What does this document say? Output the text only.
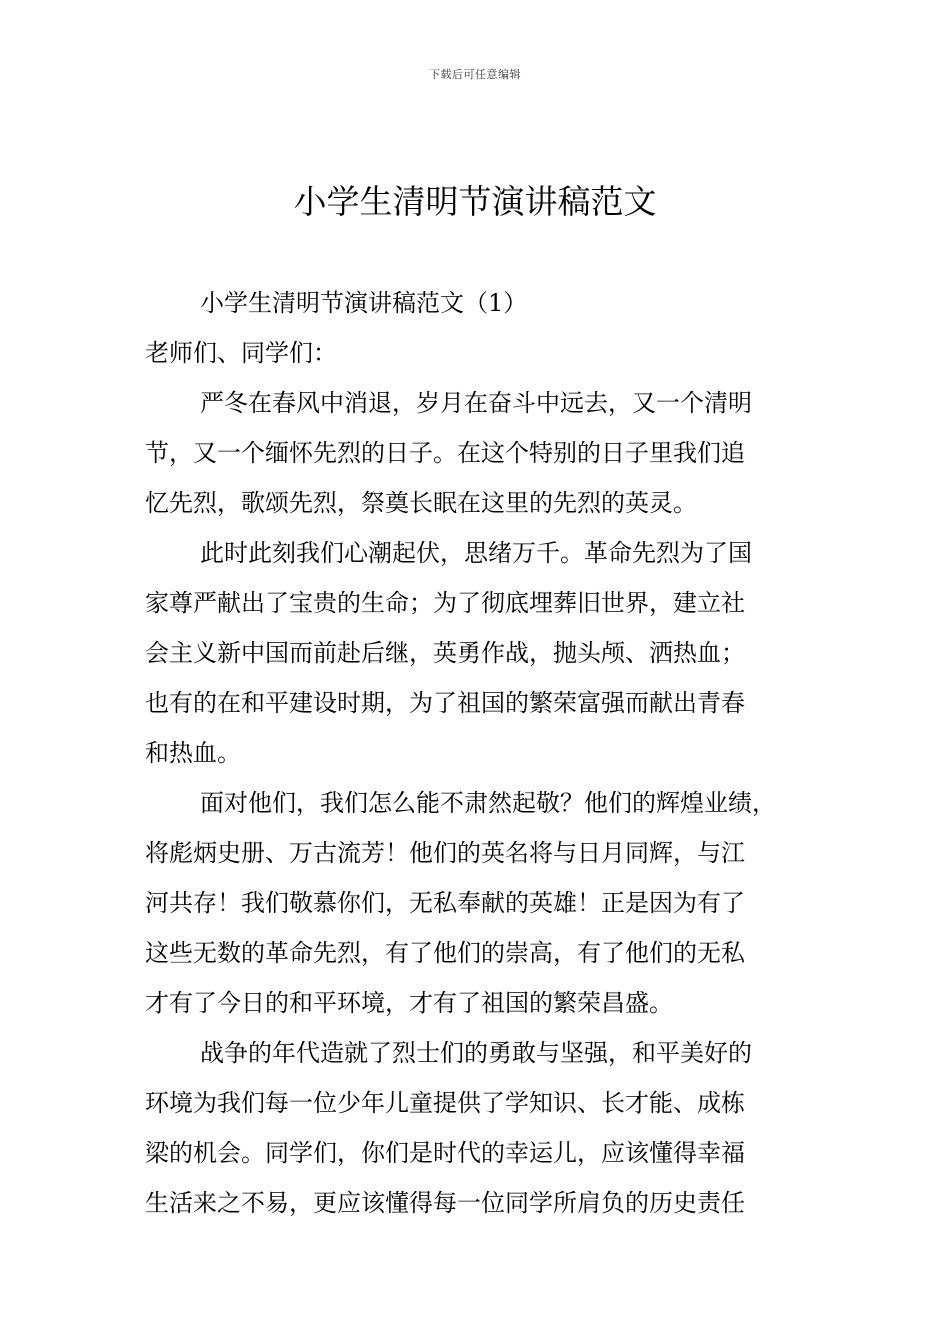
下载后可任意编辑
小学生清明节演讲稿范文
小学生清明节演讲稿范文（1）
老师们、同学们：
严冬在春风中消退，岁月在奋斗中远去，又一个清明
节，又一个缅怀先烈的日子。在这个特别的日子里我们追
忆先烈，歌颂先烈，祭奠长眠在这里的先烈的英灵。
此时此刻我们心潮起伏，思绪万千。革命先烈为了国
家尊严献出了宝贵的生命；为了彻底埋葬旧世界，建立社
会主义新中国而前赴后继，英勇作战，抛头颅、洒热血；
也有的在和平建设时期，为了祖国的繁荣富强而献出青春
和热血。
面对他们，我们怎么能不肃然起敬？他们的辉煌业绩，
将彪炳史册、万古流芳！他们的英名将与日月同辉，与江
河共存！我们敬慕你们，无私奉献的英雄！正是因为有了
这些无数的革命先烈，有了他们的崇高，有了他们的无私
才有了今日的和平环境，才有了祖国的繁荣昌盛。
战争的年代造就了烈士们的勇敢与坚强，和平美好的
环境为我们每一位少年儿童提供了学知识、长才能、成栋
梁的机会。同学们，你们是时代的幸运儿，应该懂得幸福
生活来之不易，更应该懂得每一位同学所肩负的历史责任
